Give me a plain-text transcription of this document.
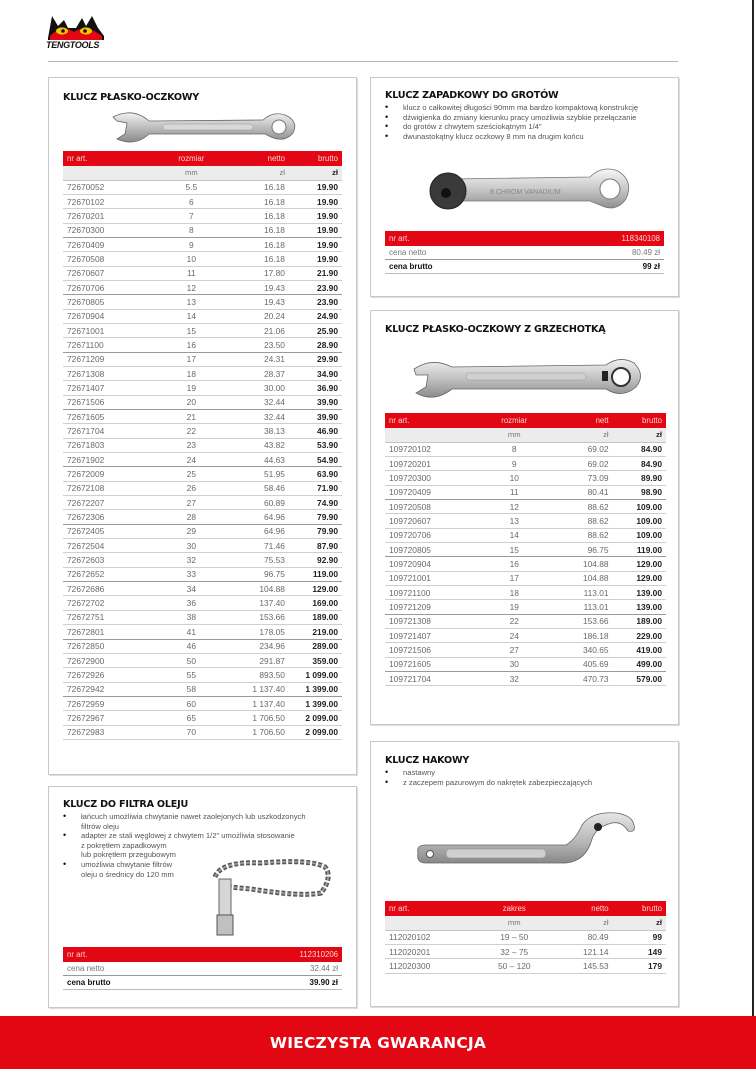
TENGTOOLS
KLUCZ PŁASKO-OCZKOWY
nr art.	rozmiar	netto	brutto
	mm	zł	zł
72670052	5.5	16.18	19.90
72670102	6	16.18	19.90
72670201	7	16.18	19.90
72670300	8	16.18	19.90
72670409	9	16.18	19.90
72670508	10	16.18	19.90
72670607	11	17.80	21.90
72670706	12	19.43	23.90
72670805	13	19.43	23.90
72670904	14	20.24	24.90
72671001	15	21.06	25.90
72671100	16	23.50	28.90
72671209	17	24.31	29.90
72671308	18	28.37	34.90
72671407	19	30.00	36.90
72671506	20	32.44	39.90
72671605	21	32.44	39.90
72671704	22	38.13	46.90
72671803	23	43.82	53.90
72671902	24	44.63	54.90
72672009	25	51.95	63.90
72672108	26	58.46	71.90
72672207	27	60.89	74.90
72672306	28	64.96	79.90
72672405	29	64.96	79.90
72672504	30	71.46	87.90
72672603	32	75.53	92.90
72672652	33	96.75	119.00
72672686	34	104.88	129.00
72672702	36	137.40	169.00
72672751	38	153.66	189.00
72672801	41	178.05	219.00
72672850	46	234.96	289.00
72672900	50	291.87	359.00
72672926	55	893.50	1 099.00
72672942	58	1 137.40	1 399.00
72672959	60	1 137.40	1 399.00
72672967	65	1 706.50	2 099.00
72672983	70	1 706.50	2 099.00
KLUCZ ZAPADKOWY DO GROTÓW
• klucz o całkowitej długości 90mm ma bardzo kompaktową konstrukcję
• dźwigienka do zmiany kierunku pracy umożliwia szybkie przełączanie
• do grotów z chwytem sześciokątnym 1/4"
• dwunastokątny klucz oczkowy 8 mm na drugim końcu
8 CHROM VANADIUM
nr art.	118340108
cena netto	80.49 zł
cena brutto	99 zł
KLUCZ PŁASKO-OCZKOWY Z GRZECHOTKĄ
nr art.	rozmiar	nett	brutto
	mm	zł	zł
109720102	8	69.02	84.90
109720201	9	69.02	84.90
109720300	10	73.09	89.90
109720409	11	80.41	98.90
109720508	12	88.62	109.00
109720607	13	88.62	109.00
109720706	14	88.62	109.00
109720805	15	96.75	119.00
109720904	16	104.88	129.00
109721001	17	104.88	129.00
109721100	18	113.01	139.00
109721209	19	113.01	139.00
109721308	22	153.66	189.00
109721407	24	186.18	229.00
109721506	27	340.65	419.00
109721605	30	405.69	499.00
109721704	32	470.73	579.00
KLUCZ DO FILTRA OLEJU
• łańcuch umożliwia chwytanie nawet zaolejonych lub uszkodzonych
filtrów oleju
• adapter ze stali węglowej z chwytem 1/2" umożliwia stosowanie
z pokrętłem zapadkowym
lub pokrętłem przegubowym
• umożliwia chwytanie filtrów
oleju o średnicy do 120 mm
nr art.	112310206
cena netto	32.44 zł
cena brutto	39.90 zł
KLUCZ HAKOWY
• nastawny
• z zaczepem pazurowym do nakrętek zabezpieczających
nr art.	zakres	netto	brutto
	mm	zł	zł
112020102	19 – 50	80.49	99
112020201	32 – 75	121.14	149
112020300	50 – 120	145.53	179
WIECZYSTA GWARANCJA
